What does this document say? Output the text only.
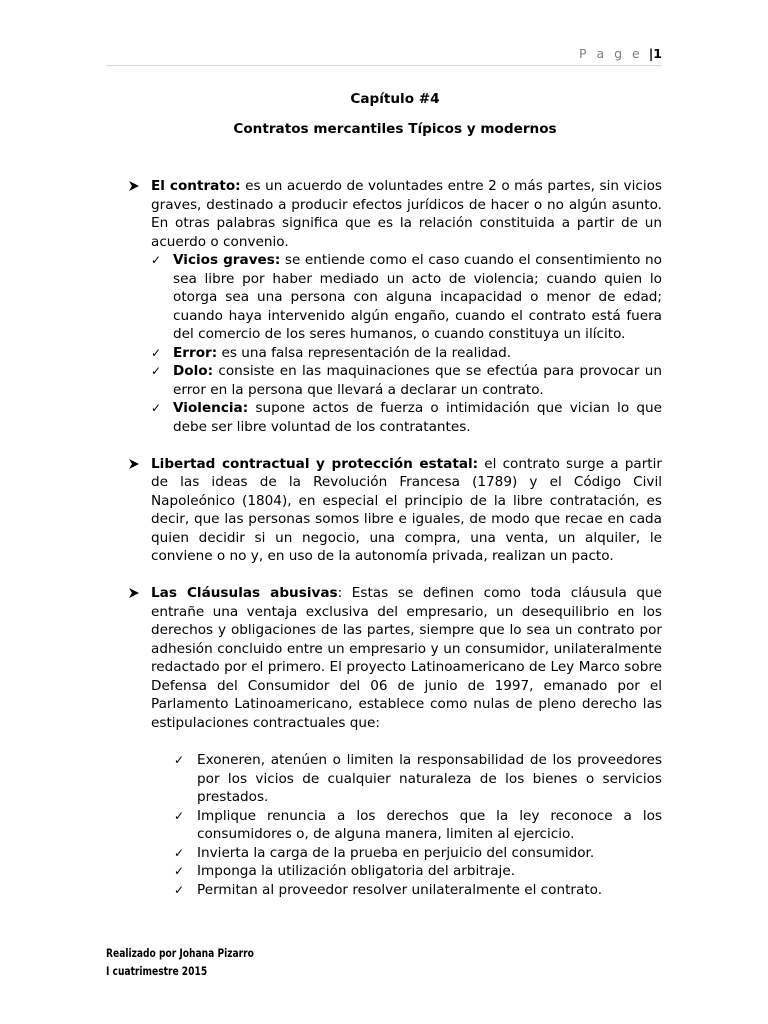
P a g e |1

Capítulo #4

Contratos mercantiles Típicos y modernos

El contrato: es un acuerdo de voluntades entre 2 o más partes, sin vicios graves, destinado a producir efectos jurídicos de hacer o no algún asunto. En otras palabras significa que es la relación constituida a partir de un acuerdo o convenio.
✓ Vicios graves: se entiende como el caso cuando el consentimiento no sea libre por haber mediado un acto de violencia; cuando quien lo otorga sea una persona con alguna incapacidad o menor de edad; cuando haya intervenido algún engaño, cuando el contrato está fuera del comercio de los seres humanos, o cuando constituya un ilícito.
✓ Error: es una falsa representación de la realidad.
✓ Dolo: consiste en las maquinaciones que se efectúa para provocar un error en la persona que llevará a declarar un contrato.
✓ Violencia: supone actos de fuerza o intimidación que vician lo que debe ser libre voluntad de los contratantes.
Libertad contractual y protección estatal: el contrato surge a partir de las ideas de la Revolución Francesa (1789) y el Código Civil Napoleónico (1804), en especial el principio de la libre contratación, es decir, que las personas somos libre e iguales, de modo que recae en cada quien decidir si un negocio, una compra, una venta, un alquiler, le conviene o no y, en uso de la autonomía privada, realizan un pacto.
Las Cláusulas abusivas: Estas se definen como toda cláusula que entrañe una ventaja exclusiva del empresario, un desequilibrio en los derechos y obligaciones de las partes, siempre que lo sea un contrato por adhesión concluido entre un empresario y un consumidor, unilateralmente redactado por el primero. El proyecto Latinoamericano de Ley Marco sobre Defensa del Consumidor del 06 de junio de 1997, emanado por el Parlamento Latinoamericano, establece como nulas de pleno derecho las estipulaciones contractuales que:
✓ Exoneren, atenúen o limiten la responsabilidad de los proveedores por los vicios de cualquier naturaleza de los bienes o servicios prestados.
✓ Implique renuncia a los derechos que la ley reconoce a los consumidores o, de alguna manera, limiten al ejercicio.
✓ Invierta la carga de la prueba en perjuicio del consumidor.
✓ Imponga la utilización obligatoria del arbitraje.
✓ Permitan al proveedor resolver unilateralmente el contrato.
Realizado por Johana Pizarro
I cuatrimestre 2015
